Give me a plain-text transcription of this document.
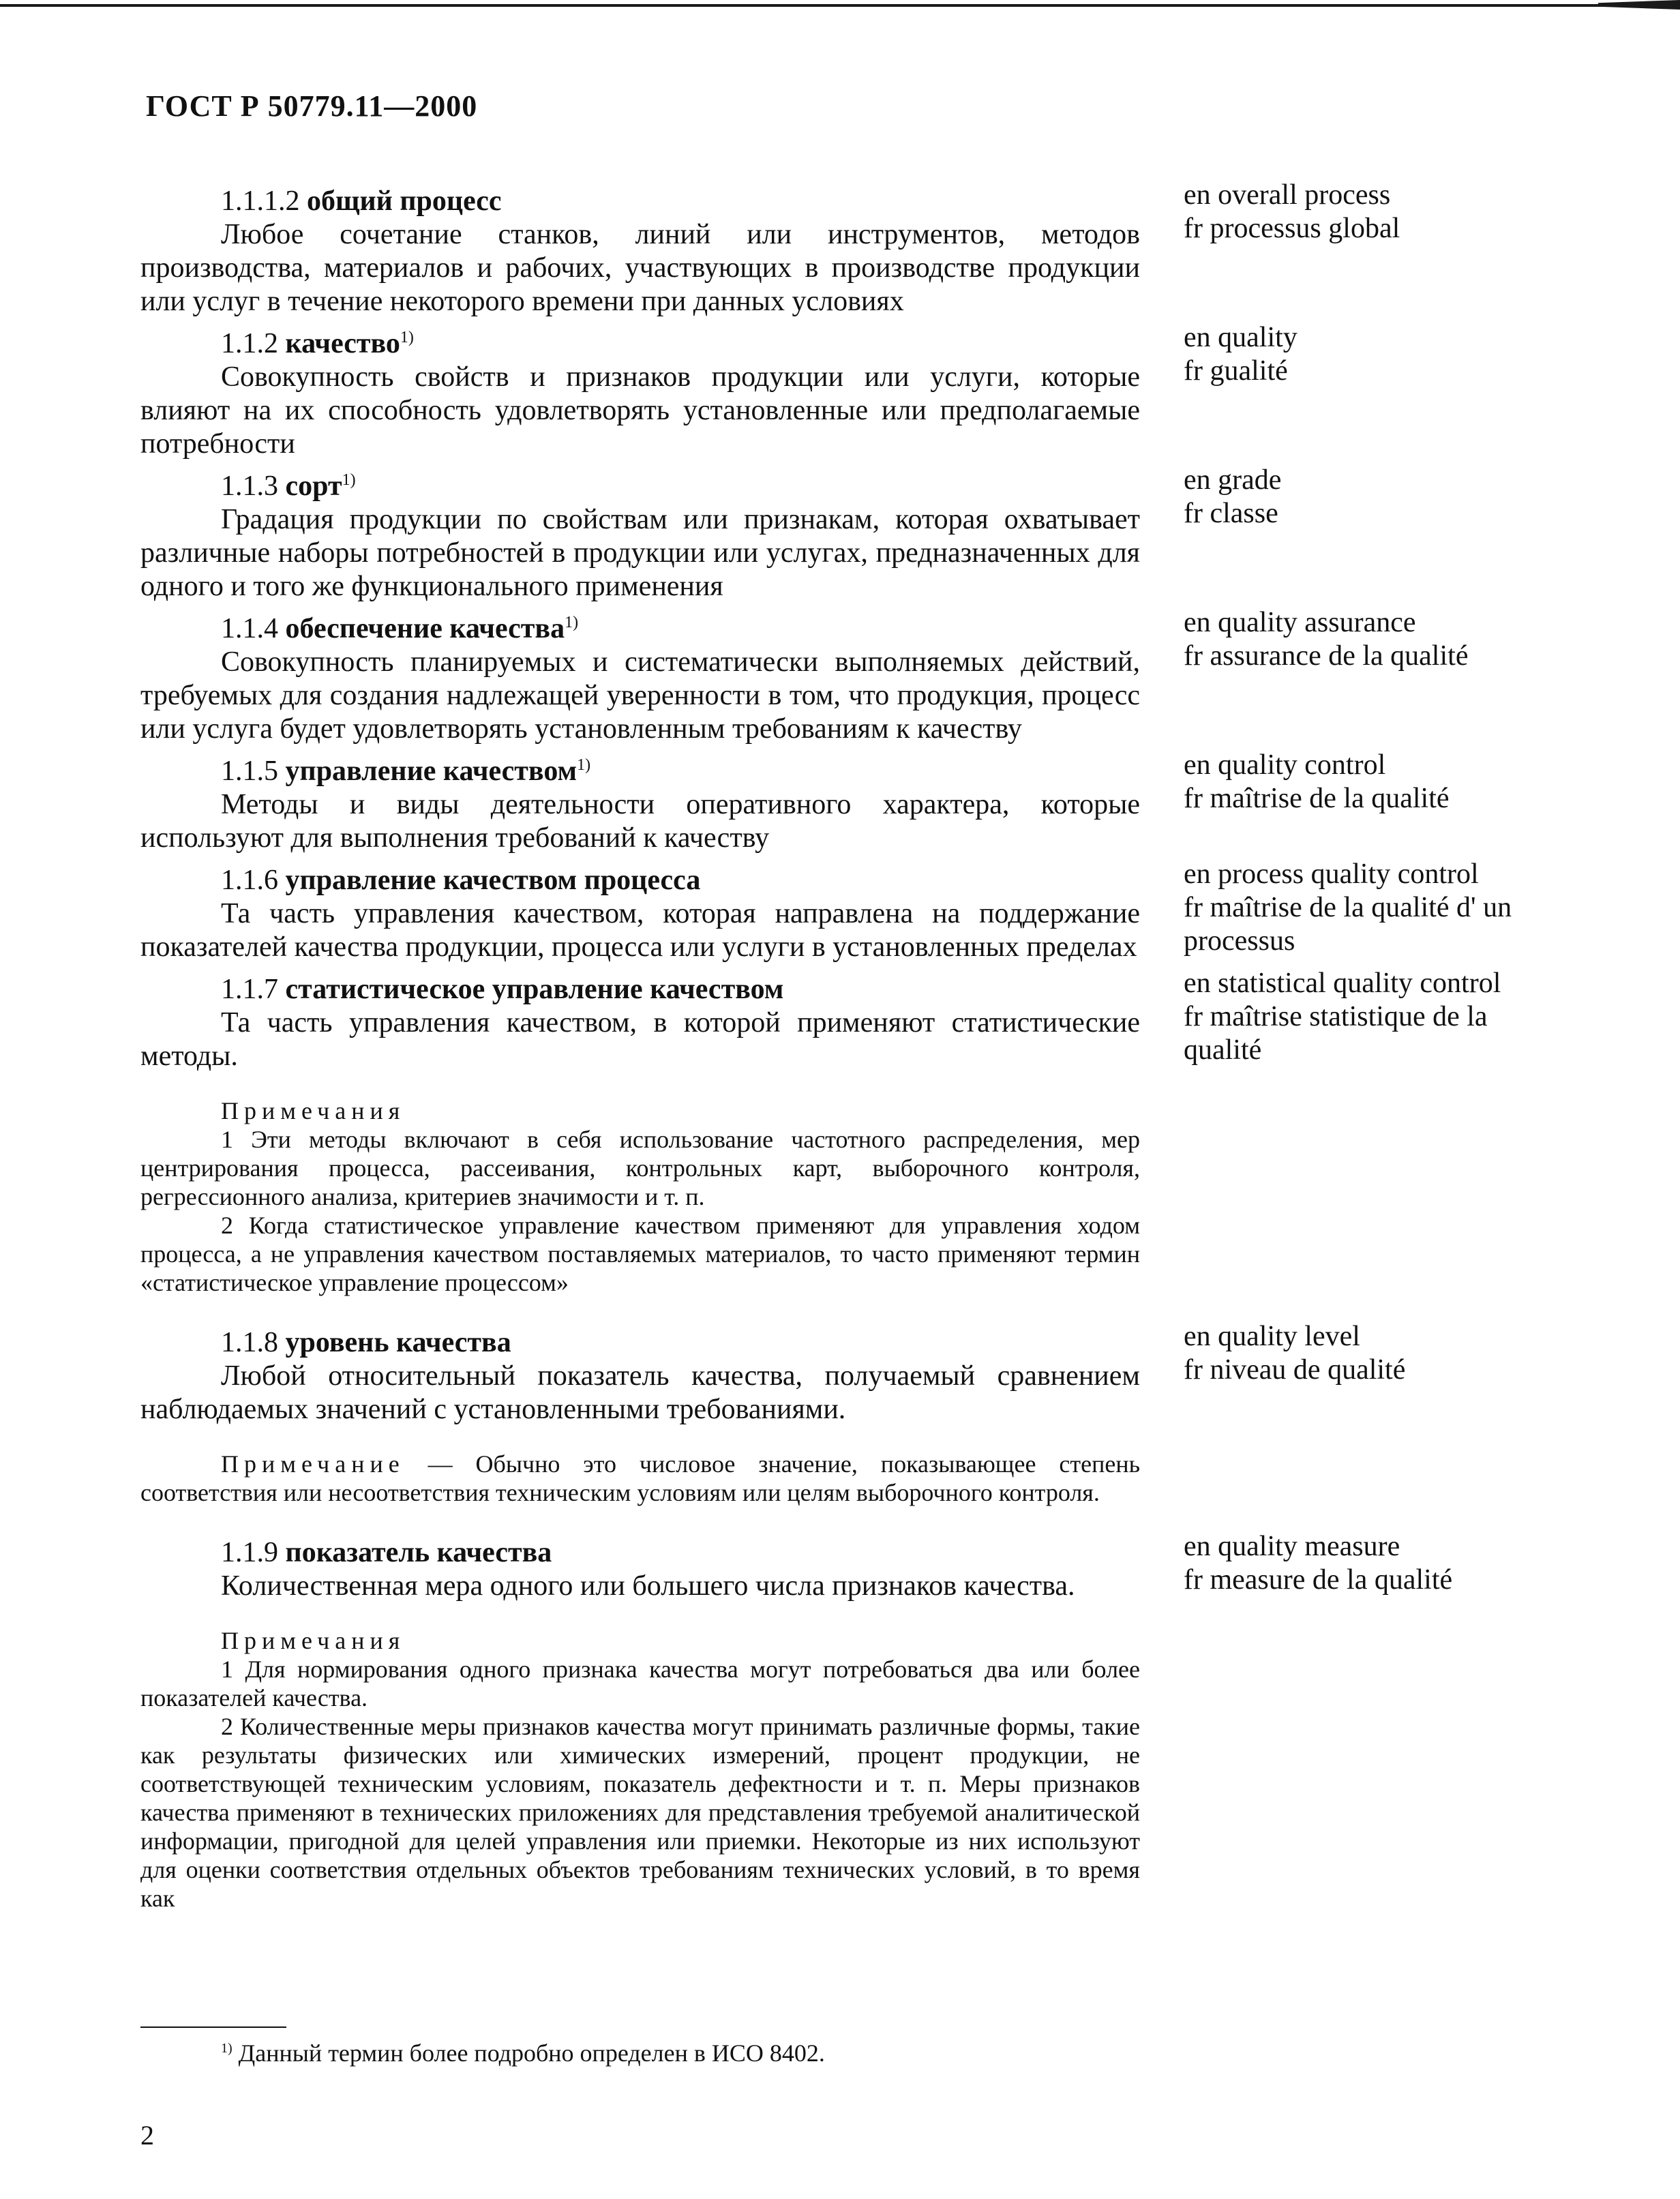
ГОСТ Р 50779.11—2000
1.1.1.2 общий процесс
Любое сочетание станков, линий или инструментов, методов производства, материалов и рабочих, участвующих в производстве продукции или услуг в течение некоторого времени при данных условиях
en overall process
fr processus global
1.1.2 качество$^{1)}$
Совокупность свойств и признаков продукции или услуги, которые влияют на их способность удовлетворять установленные или предполагаемые потребности
en quality
fr gualité
1.1.3 сорт$^{1)}$
Градация продукции по свойствам или признакам, которая охватывает различные наборы потребностей в продукции или услугах, предназначенных для одного и того же функционального применения
en grade
fr classe
1.1.4 обеспечение качества$^{1)}$
Совокупность планируемых и систематически выполняемых действий, требуемых для создания надлежащей уверенности в том, что продукция, процесс или услуга будет удовлетворять установленным требованиям к качеству
en quality assurance
fr assurance de la qualité
1.1.5 управление качеством$^{1)}$
Методы и виды деятельности оперативного характера, которые используют для выполнения требований к качеству
en quality control
fr maîtrise de la qualité
1.1.6 управление качеством процесса
Та часть управления качеством, которая направлена на поддержание показателей качества продукции, процесса или услуги в установленных пределах
en process quality control
fr maîtrise de la qualité d' un processus
1.1.7 статистическое управление качеством
Та часть управления качеством, в которой применяют статистические методы.
en statistical quality control
fr maîtrise statistique de la qualité
Примечания

1 Эти методы включают в себя использование частотного распределения, мер центрирования процесса, рассеивания, контрольных карт, выборочного контроля, регрессионного анализа, критериев значимости и т. п.

2 Когда статистическое управление качеством применяют для управления ходом процесса, а не управления качеством поставляемых материалов, то часто применяют термин «статистическое управление процессом»

1.1.8 уровень качества
Любой относительный показатель качества, получаемый сравнением наблюдаемых значений с установленными требованиями.
en quality level
fr niveau de qualité

Примечание — Обычно это числовое значение, показывающее степень соответствия или несоответствия техническим условиям или целям выборочного контроля.

1.1.9 показатель качества
Количественная мера одного или большего числа признаков качества.
en quality measure
fr measure de la qualité
Примечания

1 Для нормирования одного признака качества могут потребоваться два или более показателей качества.

2 Количественные меры признаков качества могут принимать различные формы, такие как результаты физических или химических измерений, процент продукции, не соответствующей техническим условиям, показатель дефектности и т. п. Меры признаков качества применяют в технических приложениях для представления требуемой аналитической информации, пригодной для целей управления или приемки. Некоторые из них используют для оценки соответствия отдельных объектов требованиям технических условий, в то время как

$^{1)}$ Данный термин более подробно определен в ИСО 8402.
2
